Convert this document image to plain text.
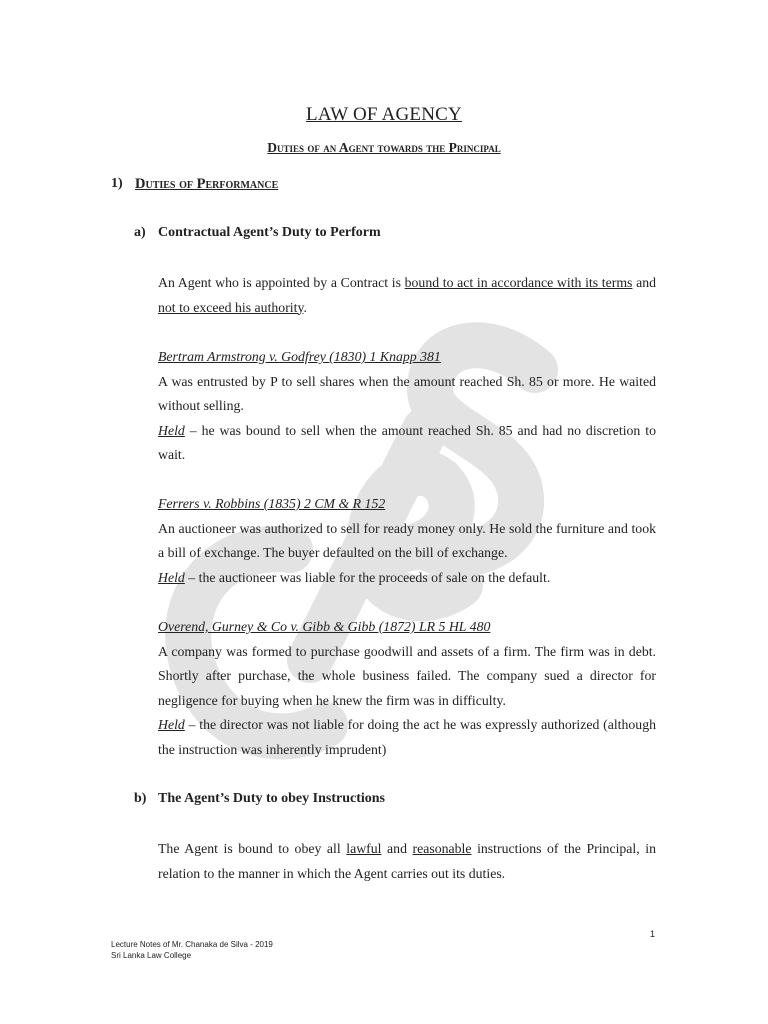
LAW OF AGENCY
Duties of an Agent towards the Principal
1) Duties of Performance
a) Contractual Agent’s Duty to Perform
An Agent who is appointed by a Contract is bound to act in accordance with its terms and not to exceed his authority.
Bertram Armstrong v. Godfrey (1830) 1 Knapp 381
A was entrusted by P to sell shares when the amount reached Sh. 85 or more. He waited without selling.
Held – he was bound to sell when the amount reached Sh. 85 and had no discretion to wait.
Ferrers v. Robbins (1835) 2 CM & R 152
An auctioneer was authorized to sell for ready money only. He sold the furniture and took a bill of exchange. The buyer defaulted on the bill of exchange.
Held – the auctioneer was liable for the proceeds of sale on the default.
Overend, Gurney & Co v. Gibb & Gibb (1872) LR 5 HL 480
A company was formed to purchase goodwill and assets of a firm. The firm was in debt. Shortly after purchase, the whole business failed. The company sued a director for negligence for buying when he knew the firm was in difficulty.
Held – the director was not liable for doing the act he was expressly authorized (although the instruction was inherently imprudent)
b) The Agent’s Duty to obey Instructions
The Agent is bound to obey all lawful and reasonable instructions of the Principal, in relation to the manner in which the Agent carries out its duties.
1
Lecture Notes of Mr. Chanaka de Silva - 2019
Sri Lanka Law College
